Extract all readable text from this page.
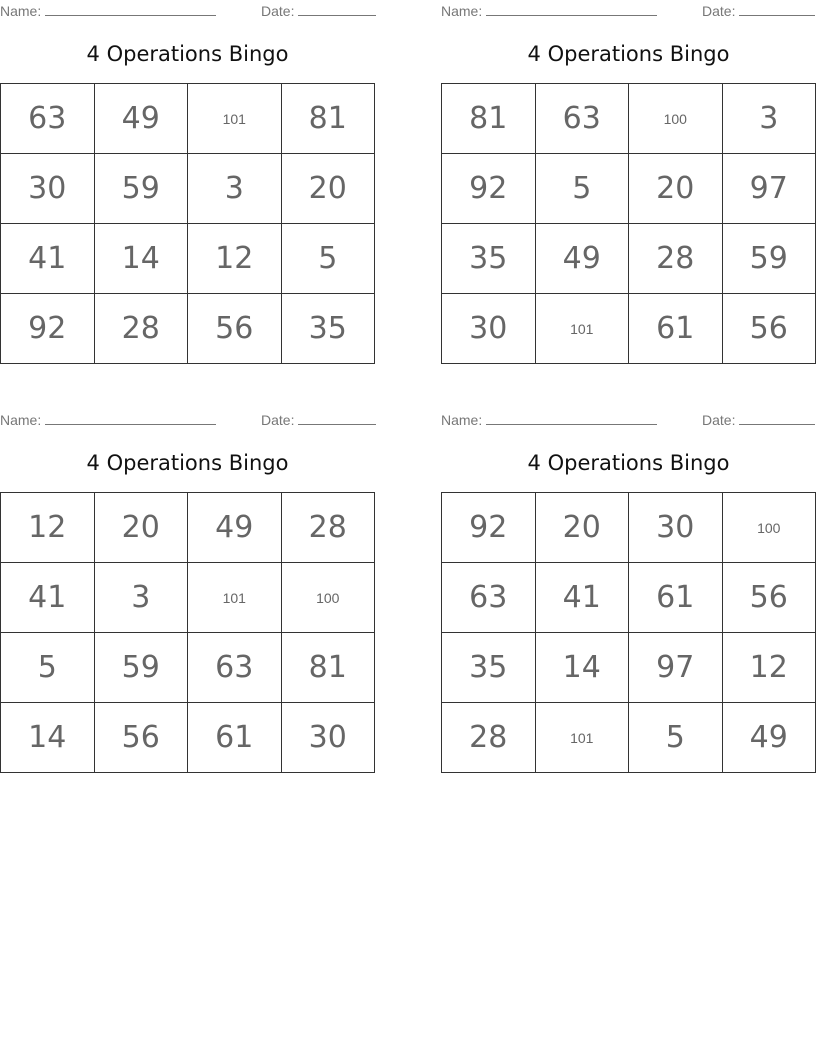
Name:	Date:
4 Operations Bingo
63	49	101	81
30	59	3	20
41	14	12	5
92	28	56	35
Name:	Date:
4 Operations Bingo
81	63	100	3
92	5	20	97
35	49	28	59
30	101	61	56
Name:	Date:
4 Operations Bingo
12	20	49	28
41	3	101	100
5	59	63	81
14	56	61	30
Name:	Date:
4 Operations Bingo
92	20	30	100
63	41	61	56
35	14	97	12
28	101	5	49
